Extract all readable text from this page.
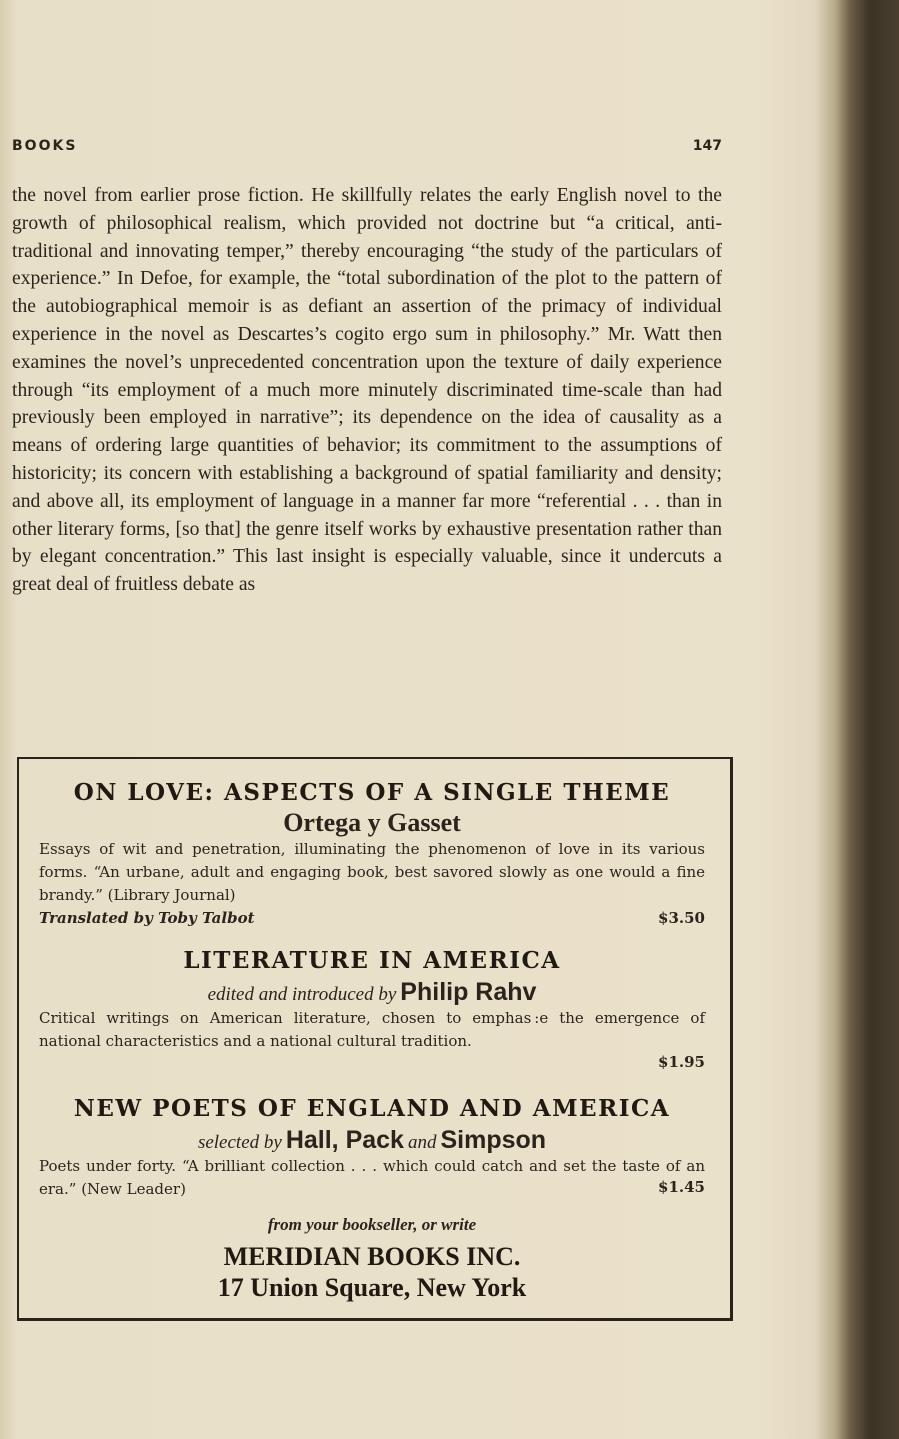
BOOKS	147

the novel from earlier prose fiction. He skillfully relates the early English novel to the growth of philosophical realism, which provided not doctrine but “a critical, anti-traditional and innovating temper,” thereby encouraging “the study of the particulars of experience.” In Defoe, for example, the “total subordination of the plot to the pattern of the autobiographical memoir is as defiant an assertion of the primacy of individual experience in the novel as Descartes’s cogito ergo sum in philosophy.” Mr. Watt then examines the novel’s unprecedented concentration upon the texture of daily experience through “its employment of a much more minutely discriminated time-scale than had previously been employed in narrative”; its dependence on the idea of causality as a means of ordering large quantities of behavior; its commitment to the assumptions of historicity; its concern with establishing a background of spatial familiarity and density; and above all, its employment of language in a manner far more “referential . . . than in other literary forms, [so that] the genre itself works by exhaustive presentation rather than by elegant concentration.” This last insight is especially valuable, since it undercuts a great deal of fruitless debate as

ON LOVE: ASPECTS OF A SINGLE THEME
Ortega y Gasset
Essays of wit and penetration, illuminating the phenomenon of love in its various forms. “An urbane, adult and engaging book, best savored slowly as one would a fine brandy.” (Library Journal)
Translated by Toby Talbot	$3.50
LITERATURE IN AMERICA
edited and introduced by Philip Rahv
Critical writings on American literature, chosen to emphas :e the emergence of national characteristics and a national cultural tradition.
$1.95
NEW POETS OF ENGLAND AND AMERICA
selected by Hall, Pack and Simpson
Poets under forty. “A brilliant collection . . . which could catch and set the taste of an era.” (New Leader)	$1.45
from your bookseller, or write
MERIDIAN BOOKS INC.
17 Union Square, New York
